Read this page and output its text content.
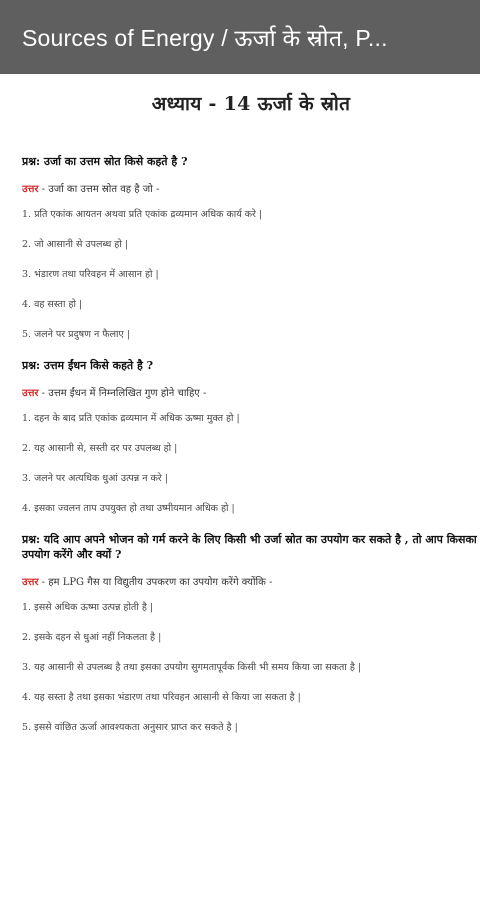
Sources of Energy / ऊर्जा के स्रोत, P...
अध्याय - 14 ऊर्जा के स्रोत
प्रश्न: उर्जा का उत्तम स्रोत किसे कहते है ?
उत्तर - उर्जा का उत्तम स्रोत वह है जो -
1. प्रति एकांक आयतन अथवा प्रति एकांक द्रव्यमान अधिक कार्य करे |
2. जो आसानी से उपलब्ध हो |
3. भंडारण तथा परिवहन में आसान हो |
4. वह सस्ता हो |
5. जलने पर प्रदुषण न फैलाए |
प्रश्न: उत्तम ईंधन किसे कहते है ?
उत्तर - उत्तम ईंधन में निम्नलिखित गुण होने चाहिए -
1. दहन के बाद प्रति एकांक द्रव्यमान में अधिक ऊष्मा मुक्त हो |
2. यह आसानी से, सस्ती दर पर उपलब्ध हो |
3. जलने पर अत्यधिक धुआं उत्पन्न न करे |
4. इसका ज्वलन ताप उपयुक्त हो तथा उष्मीयमान अधिक हो |
प्रश्न: यदि आप अपने भोजन को गर्म करने के लिए किसी भी उर्जा स्रोत का उपयोग कर सकते है , तो आप किसका उपयोग करेंगे और क्यों ?
उत्तर - हम LPG गैस या विद्युतीय उपकरण का उपयोग करेंगे क्योंकि -
1. इससे अधिक ऊष्मा उत्पन्न होती है |
2. इसके दहन से धुआं नहीं निकलता है |
3. यह आसानी से उपलब्ध है तथा इसका उपयोग सुगमतापूर्वक किसी भी समय किया जा सकता है |
4. यह सस्ता है तथा इसका भंडारण तथा परिवहन आसानी से किया जा सकता है |
5. इससे वांछित ऊर्जा आवश्यकता अनुसार प्राप्त कर सकते है |
